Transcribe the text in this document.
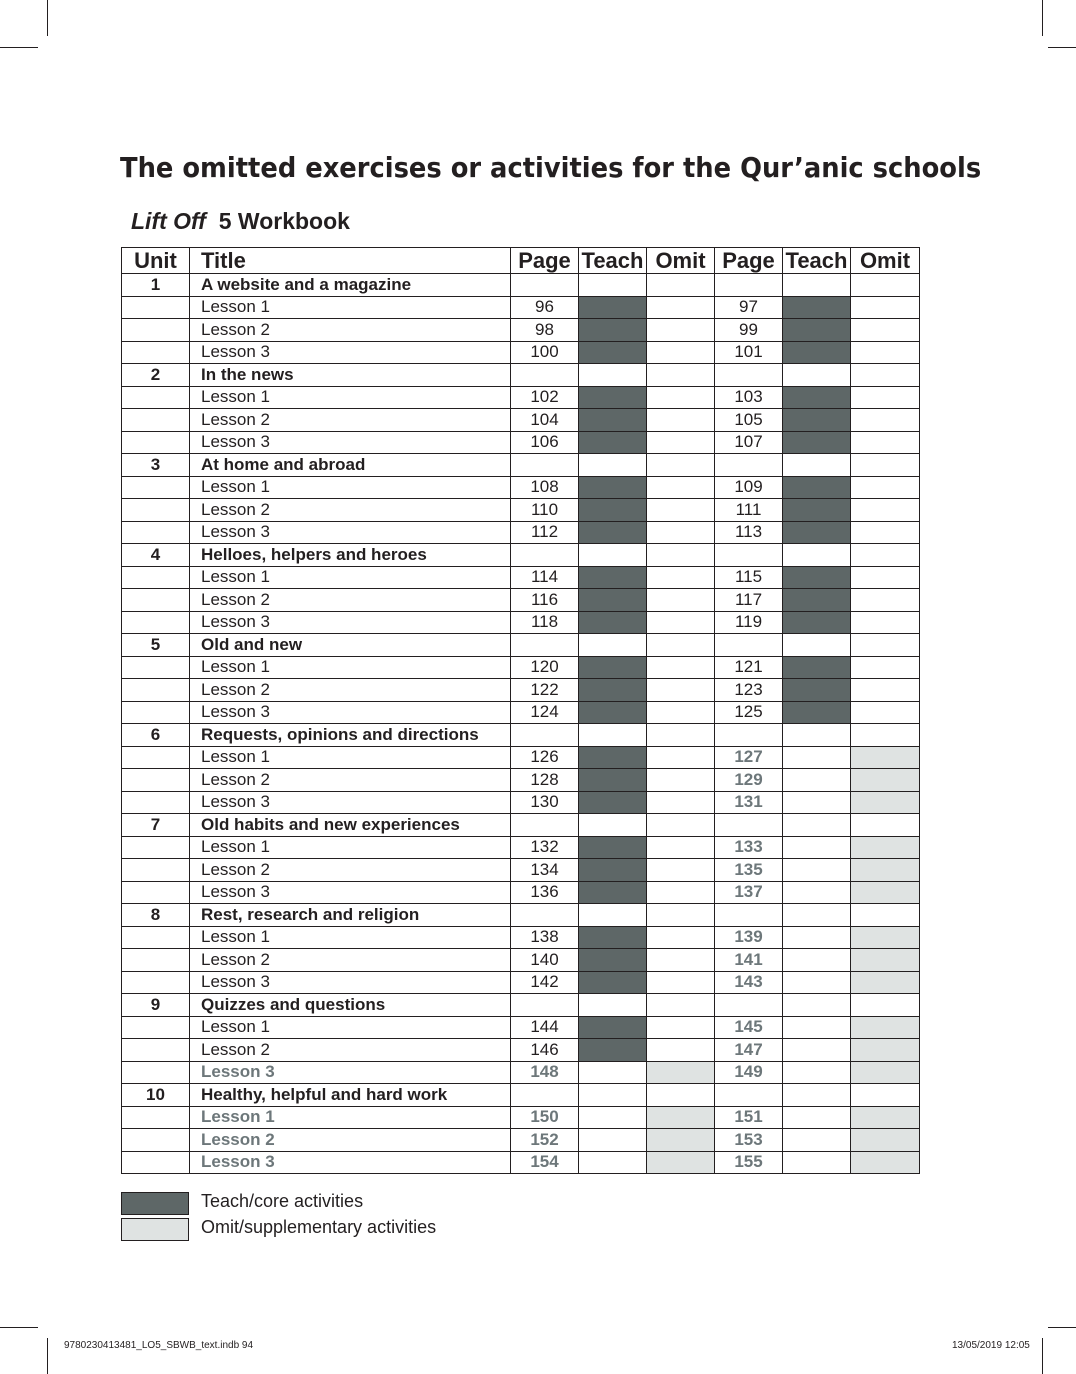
The omitted exercises or activities for the Qur’anic schools
Lift Off 5 Workbook
Unit	Title	Page	Teach	Omit	Page	Teach	Omit
1	A website and a magazine						
	Lesson 1	96			97		
	Lesson 2	98			99		
	Lesson 3	100			101		
2	In the news						
	Lesson 1	102			103		
	Lesson 2	104			105		
	Lesson 3	106			107		
3	At home and abroad						
	Lesson 1	108			109		
	Lesson 2	110			111		
	Lesson 3	112			113		
4	Helloes, helpers and heroes						
	Lesson 1	114			115		
	Lesson 2	116			117		
	Lesson 3	118			119		
5	Old and new						
	Lesson 1	120			121		
	Lesson 2	122			123		
	Lesson 3	124			125		
6	Requests, opinions and directions						
	Lesson 1	126			127		
	Lesson 2	128			129		
	Lesson 3	130			131		
7	Old habits and new experiences						
	Lesson 1	132			133		
	Lesson 2	134			135		
	Lesson 3	136			137		
8	Rest, research and religion						
	Lesson 1	138			139		
	Lesson 2	140			141		
	Lesson 3	142			143		
9	Quizzes and questions						
	Lesson 1	144			145		
	Lesson 2	146			147		
	Lesson 3	148			149		
10	Healthy, helpful and hard work						
	Lesson 1	150			151		
	Lesson 2	152			153		
	Lesson 3	154			155		
Teach/core activities
Omit/supplementary activities
9780230413481_LO5_SBWB_text.indb 94	13/05/2019 12:05
